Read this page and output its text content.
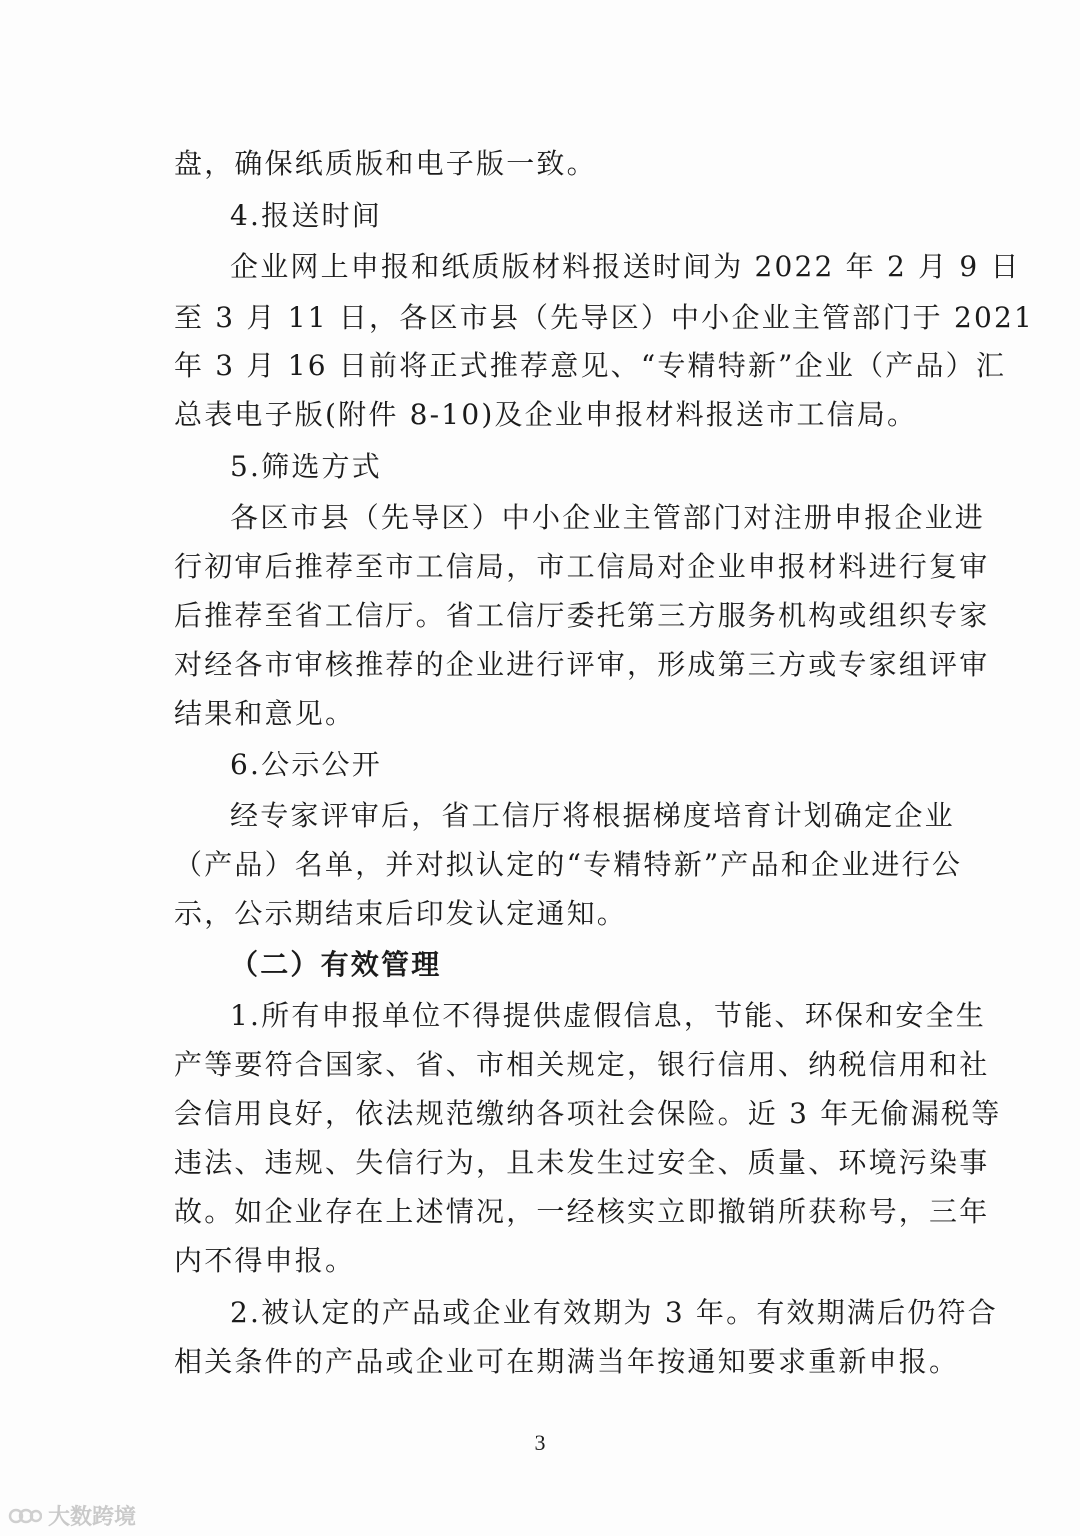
盘，确保纸质版和电子版一致。
4.报送时间
企业网上申报和纸质版材料报送时间为 2022 年 2 月 9 日
至 3 月 11 日，各区市县（先导区）中小企业主管部门于 2021
年 3 月 16 日前将正式推荐意见、“专精特新”企业（产品）汇
总表电子版(附件 8-10)及企业申报材料报送市工信局。
5.筛选方式
各区市县（先导区）中小企业主管部门对注册申报企业进
行初审后推荐至市工信局，市工信局对企业申报材料进行复审
后推荐至省工信厅。省工信厅委托第三方服务机构或组织专家
对经各市审核推荐的企业进行评审，形成第三方或专家组评审
结果和意见。
6.公示公开
经专家评审后，省工信厅将根据梯度培育计划确定企业
（产品）名单，并对拟认定的“专精特新”产品和企业进行公
示，公示期结束后印发认定通知。
（二）有效管理
1.所有申报单位不得提供虚假信息，节能、环保和安全生
产等要符合国家、省、市相关规定，银行信用、纳税信用和社
会信用良好，依法规范缴纳各项社会保险。近 3 年无偷漏税等
违法、违规、失信行为，且未发生过安全、质量、环境污染事
故。如企业存在上述情况，一经核实立即撤销所获称号，三年
内不得申报。
2.被认定的产品或企业有效期为 3 年。有效期满后仍符合
相关条件的产品或企业可在期满当年按通知要求重新申报。
3
大数跨境
